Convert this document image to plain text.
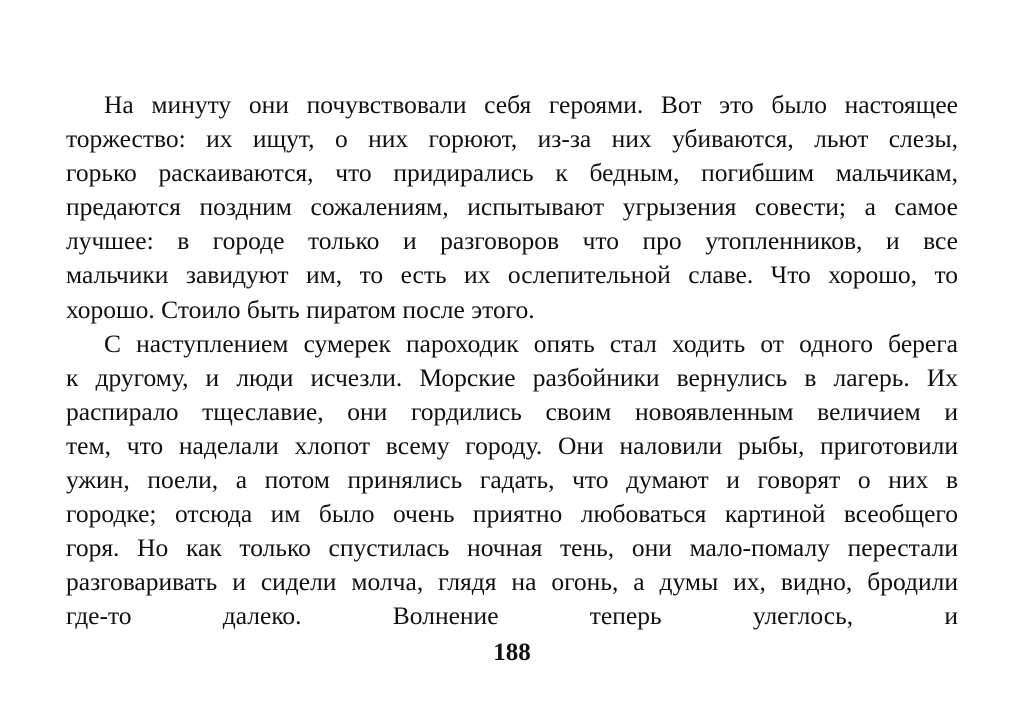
На минуту они почувствовали себя героями. Вот это было настоящее
торжество: их ищут, о них горюют, из-за них убиваются, льют слезы,
горько раскаиваются, что придирались к бедным, погибшим мальчикам,
предаются поздним сожалениям, испытывают угрызения совести; а самое
лучшее: в городе только и разговоров что про утопленников, и все
мальчики завидуют им, то есть их ослепительной славе. Что хорошо, то
хорошо. Стоило быть пиратом после этого.

С наступлением сумерек пароходик опять стал ходить от одного берега
к другому, и люди исчезли. Морские разбойники вернулись в лагерь. Их
распирало тщеславие, они гордились своим новоявленным величием и
тем, что наделали хлопот всему городу. Они наловили рыбы, приготовили
ужин, поели, а потом принялись гадать, что думают и говорят о них в
городке; отсюда им было очень приятно любоваться картиной всеобщего
горя. Но как только спустилась ночная тень, они мало-помалу перестали
разговаривать и сидели молча, глядя на огонь, а думы их, видно, бродили
где-то далеко. Волнение теперь улеглось, и

188
